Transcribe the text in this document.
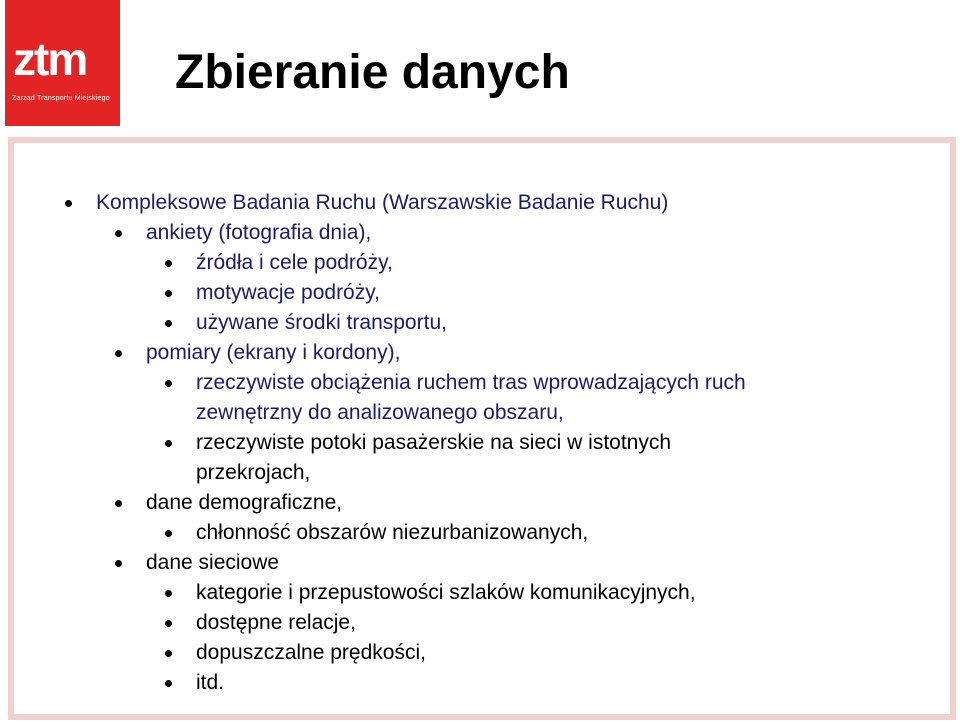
ztm
Zarząd Transportu Miejskiego Zbieranie danych
Kompleksowe Badania Ruchu (Warszawskie Badanie Ruchu)
ankiety (fotografia dnia),
źródła i cele podróży,
motywacje podróży,
używane środki transportu,
pomiary (ekrany i kordony),
rzeczywiste obciążenia ruchem tras wprowadzających ruch
zewnętrzny do analizowanego obszaru,
rzeczywiste potoki pasażerskie na sieci w istotnych
przekrojach,
dane demograficzne,
chłonność obszarów niezurbanizowanych,
dane sieciowe
kategorie i przepustowości szlaków komunikacyjnych,
dostępne relacje,
dopuszczalne prędkości,
itd.
